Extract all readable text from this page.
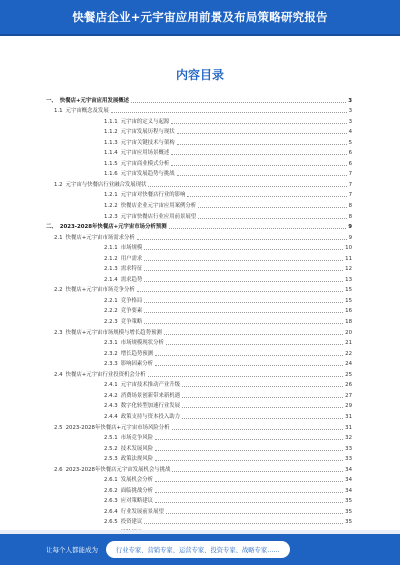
快餐店企业+元宇宙应用前景及布局策略研究报告
内容目录
一、 快餐店+元宇宙应用发展概述	3
1.1 元宇宙概念及发展	3
1.1.1 元宇宙的定义与起源	3
1.1.2 元宇宙发展历程与现状	4
1.1.3 元宇宙关键技术与架构	5
1.1.4 元宇宙应用场景概述	6
1.1.5 元宇宙商业模式分析	6
1.1.6 元宇宙发展趋势与挑战	7
1.2 元宇宙与快餐店行业融合发展现状	7
1.2.1 元宇宙对快餐店行业的影响	7
1.2.2 快餐店企业元宇宙应用案例分析	8
1.2.3 元宇宙快餐店行业应用前景展望	8
二、 2023-2028年快餐店+元宇宙市场分析预测	9
2.1 快餐店+元宇宙市场需求分析	9
2.1.1 市场规模	10
2.1.2 用户需求	11
2.1.3 需求特征	12
2.1.4 需求趋势	13
2.2 快餐店+元宇宙市场竞争分析	15
2.2.1 竞争格局	15
2.2.2 竞争要素	16
2.2.3 竞争策略	18
2.3 快餐店+元宇宙市场规模与增长趋势预测	20
2.3.1 市场规模现状分析	21
2.3.2 增长趋势预测	22
2.3.3 影响因素分析	24
2.4 快餐店+元宇宙行业投资机会分析	25
2.4.1 元宇宙技术推动产业升级	26
2.4.2 消费场景创新带来新机遇	27
2.4.3 数字化转型加速行业发展	29
2.4.4 政策支持与资本投入助力	31
2.5 2023-2028年快餐店+元宇宙市场风险分析	31
2.5.1 市场竞争风险	32
2.5.2 技术发展风险	33
2.5.3 政策法规风险	33
2.6 2023-2028年快餐店元宇宙发展机会与挑战	34
2.6.1 发展机会分析	34
2.6.2 面临挑战分析	34
2.6.3 应对策略建议	35
2.6.4 行业发展前景展望	35
2.6.5 投资建议	35
让每个人都能成为	行业专家、营销专家、运营专家、投资专家、战略专家……
